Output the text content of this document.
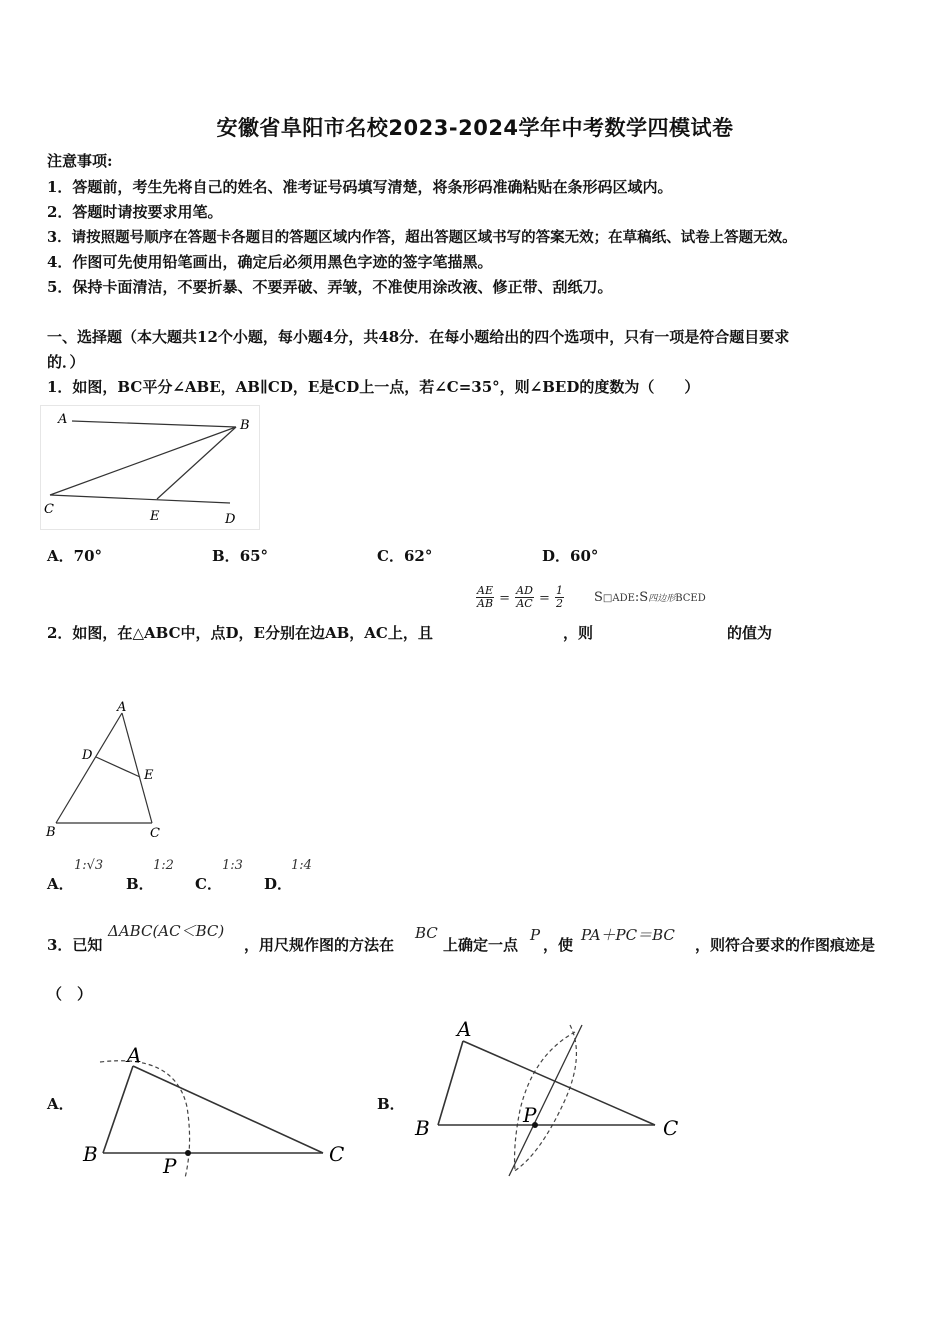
安徽省阜阳市名校2023-2024学年中考数学四模试卷
注意事项:
1．答题前，考生先将自己的姓名、准考证号码填写清楚，将条形码准确粘贴在条形码区域内。
2．答题时请按要求用笔。
3．请按照题号顺序在答题卡各题目的答题区域内作答，超出答题区域书写的答案无效；在草稿纸、试卷上答题无效。
4．作图可先使用铅笔画出，确定后必须用黑色字迹的签字笔描黑。
5．保持卡面清洁，不要折暴、不要弄破、弄皱，不准使用涂改液、修正带、刮纸刀。
一、选择题（本大题共12个小题，每小题4分，共48分．在每小题给出的四个选项中，只有一项是符合题目要求
的．）
1．如图，BC平分∠ABE，AB∥CD，E是CD上一点，若∠C=35°，则∠BED的度数为（　　）
A	B
C	E	D
A．70°	B．65°	C．62°	D．60°
$\frac{AE}{AB} = \frac{AD}{AC} = \frac{1}{2}$ S□ADE:S四边形BCED
2．如图，在△ABC中，点D，E分别在边AB，AC上，且	，则	的值为
A
D
E
B	C
A．
1:√3
B．
1:2
C．
1:3
D．
1:4
3．已知
ΔABC(AC＜BC)
，用尺规作图的方法在
BC
上确定一点
P
，使
PA＋PC＝BC
，则符合要求的作图痕迹是
（　）
A．
A
B	C
P
B．
A
B	C
P
